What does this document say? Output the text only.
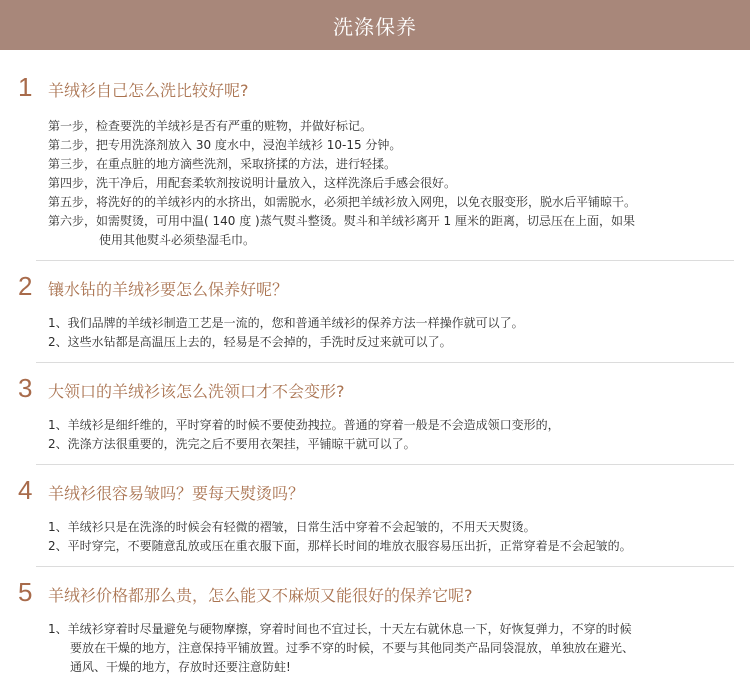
洗涤保养
1 羊绒衫自己怎么洗比较好呢?
第一步，检查要洗的羊绒衫是否有严重的赃物，并做好标记。
第二步，把专用洗涤剂放入 30 度水中，浸泡羊绒衫 10-15 分钟。
第三步，在重点脏的地方滴些洗剂，采取挤揉的方法，进行轻揉。
第四步，洗干净后，用配套柔软剂按说明计量放入，这样洗涤后手感会很好。
第五步，将洗好的的羊绒衫内的水挤出，如需脱水，必须把羊绒衫放入网兜，以免衣服变形，脱水后平铺晾干。
第六步，如需熨烫，可用中温( 140 度 )蒸气熨斗整烫。熨斗和羊绒衫离开 1 厘米的距离，切忌压在上面，如果
使用其他熨斗必须垫湿毛巾。
2 镶水钻的羊绒衫要怎么保养好呢？
1、我们品牌的羊绒衫制造工艺是一流的，您和普通羊绒衫的保养方法一样操作就可以了。
2、这些水钻都是高温压上去的，轻易是不会掉的，手洗时反过来就可以了。
3 大领口的羊绒衫该怎么洗领口才不会变形?
1、羊绒衫是细纤维的，平时穿着的时候不要使劲拽拉。普通的穿着一般是不会造成领口变形的，
2、洗涤方法很重要的，洗完之后不要用衣架挂，平铺晾干就可以了。
4 羊绒衫很容易皱吗？要每天熨烫吗？
1、羊绒衫只是在洗涤的时候会有轻微的褶皱，日常生活中穿着不会起皱的，不用天天熨烫。
2、平时穿完，不要随意乱放或压在重衣服下面，那样长时间的堆放衣服容易压出折，正常穿着是不会起皱的。
5 羊绒衫价格都那么贵，怎么能又不麻烦又能很好的保养它呢?
1、羊绒衫穿着时尽量避免与硬物摩擦，穿着时间也不宜过长，十天左右就休息一下，好恢复弹力，不穿的时候
要放在干燥的地方，注意保持平铺放置。过季不穿的时候，不要与其他同类产品同袋混放，单独放在避光、
通风、干燥的地方，存放时还要注意防蛀!
